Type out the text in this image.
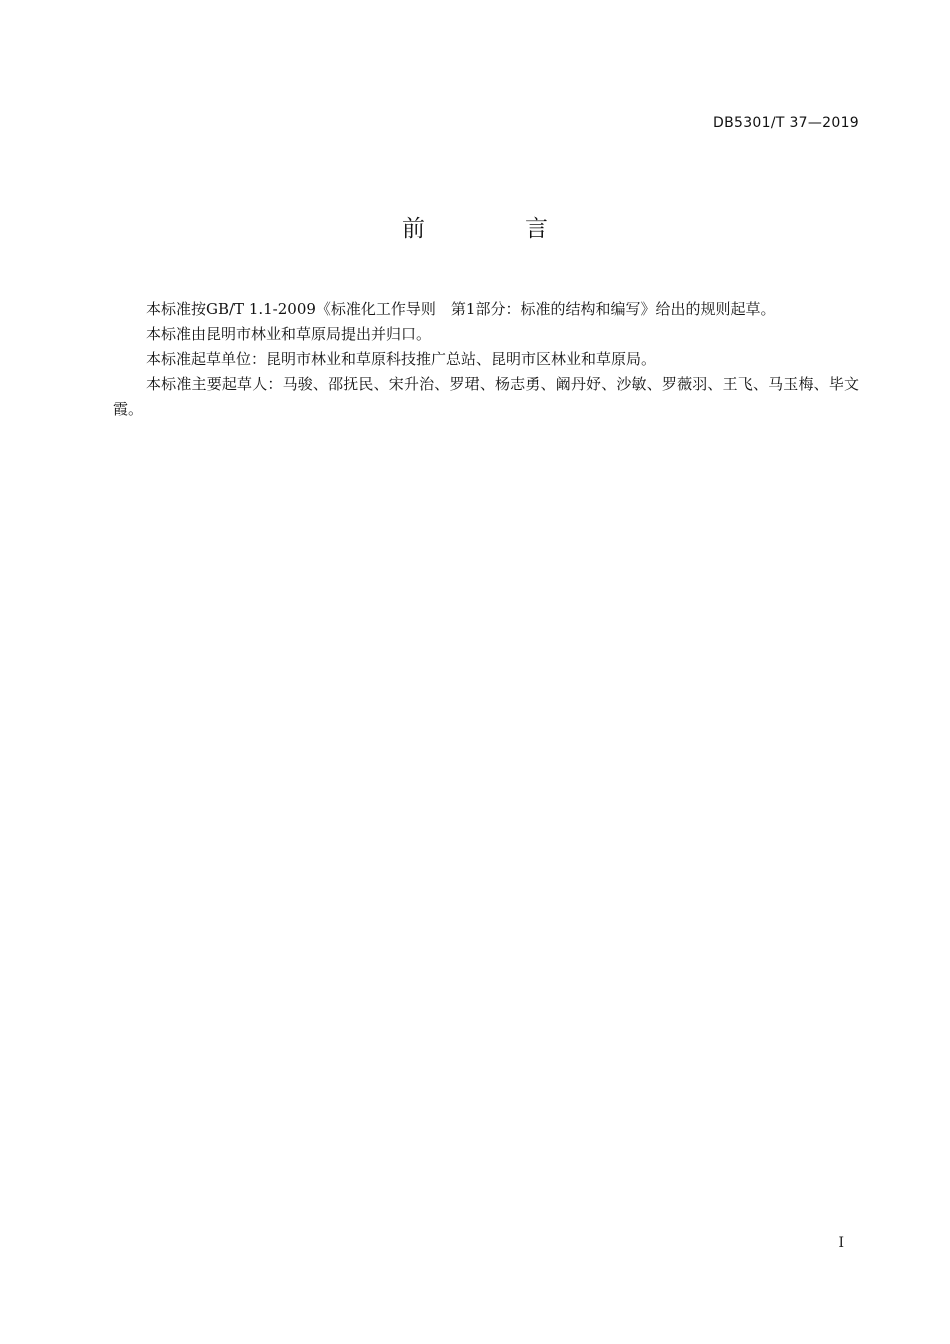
DB5301/T 37—2019
前	言

本标准按GB/T 1.1-2009《标准化工作导则　第1部分：标准的结构和编写》给出的规则起草。

本标准由昆明市林业和草原局提出并归口。

本标准起草单位：昆明市林业和草原科技推广总站、昆明市区林业和草原局。

本标准主要起草人：马骏、邵抚民、宋升治、罗珺、杨志勇、阚丹妤、沙敏、罗薇羽、王飞、马玉梅、毕文霞。

I
